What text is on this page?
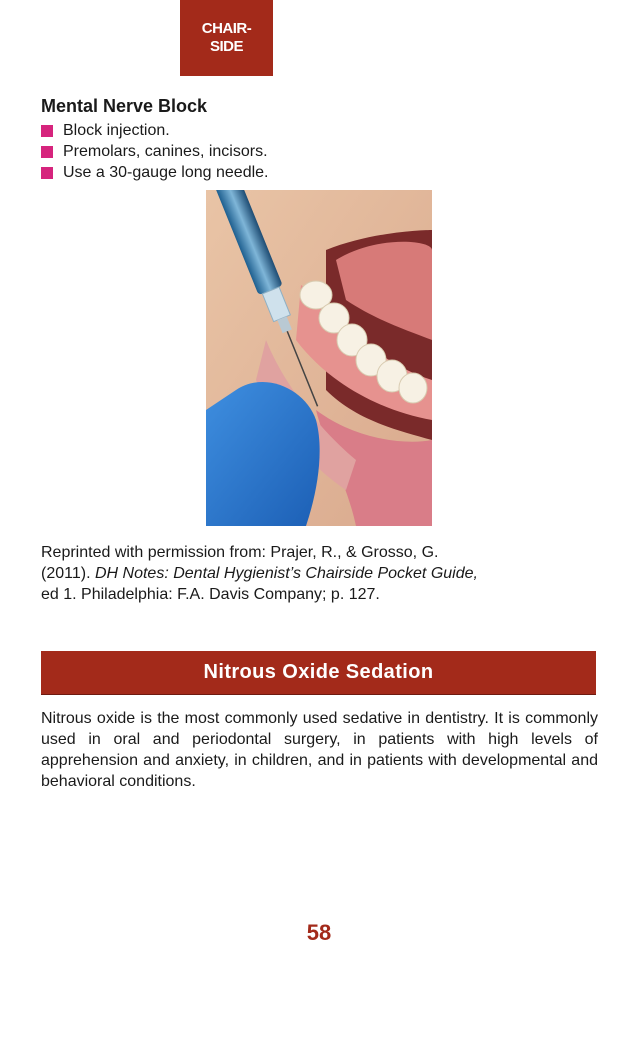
CHAIR-
SIDE
Mental Nerve Block
Block injection.
Premolars, canines, incisors.
Use a 30-gauge long needle.
Reprinted with permission from: Prajer, R., & Grosso, G.
(2011). DH Notes: Dental Hygienist’s Chairside Pocket Guide,
ed 1. Philadelphia: F.A. Davis Company; p. 127.
Nitrous Oxide Sedation
Nitrous oxide is the most commonly used sedative in dentistry. It is commonly used in oral and periodontal surgery, in patients with high levels of apprehension and anxiety, in children, and in patients with developmental and behavioral conditions.
58
